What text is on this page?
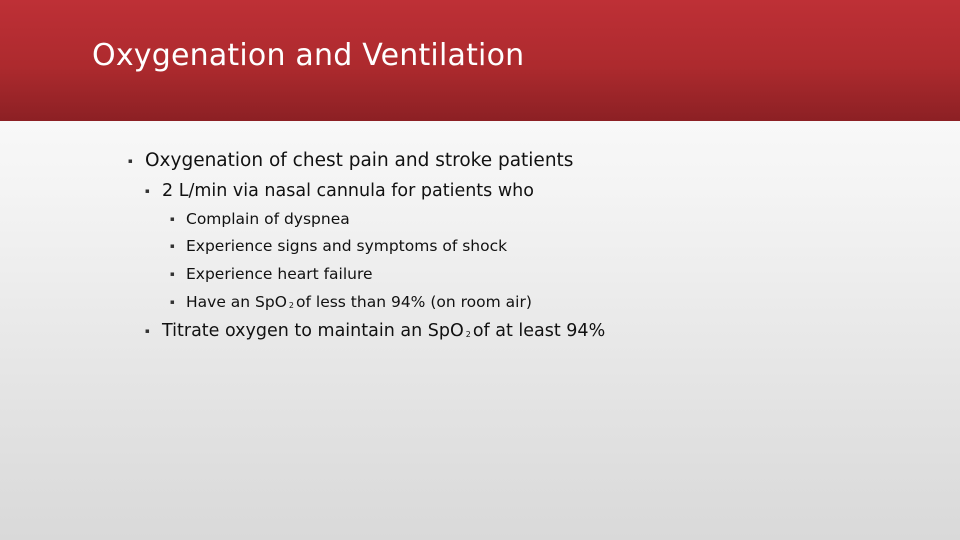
Oxygenation and Ventilation
▪ Oxygenation of chest pain and stroke patients
▪ 2 L/min via nasal cannula for patients who
▪ Complain of dyspnea
▪ Experience signs and symptoms of shock
▪ Experience heart failure
▪ Have an SpO $_2$ of less than 94% (on room air)
▪ Titrate oxygen to maintain an SpO $_2$ of at least 94%
